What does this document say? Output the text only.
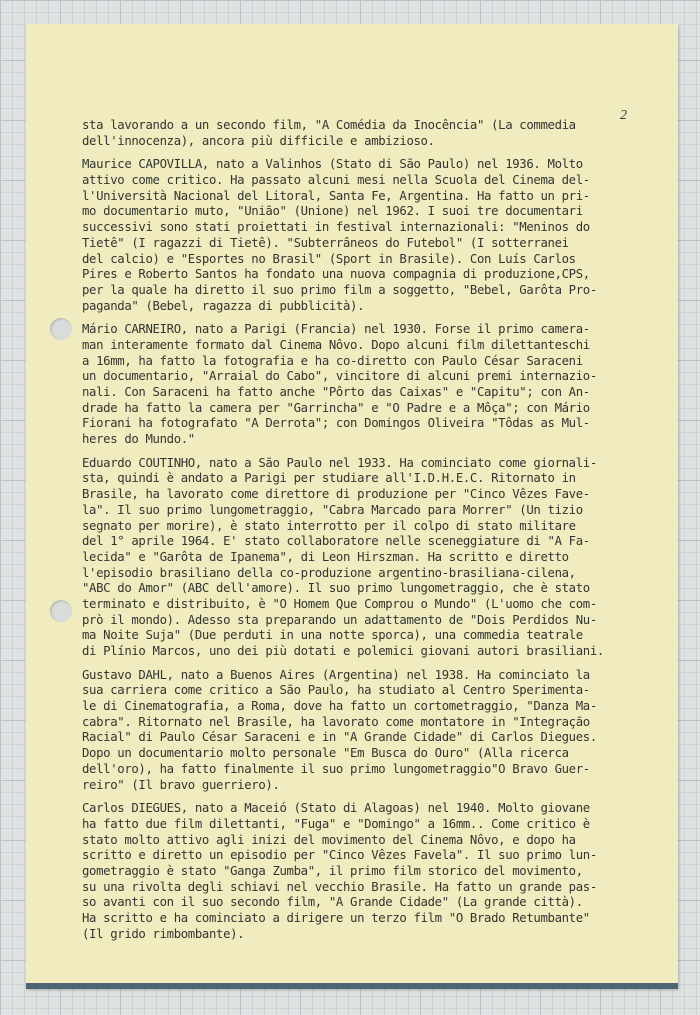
2
sta lavorando a un secondo film, "A Comédia da Inocência" (La commedia
dell'innocenza), ancora più difficile e ambizioso.
Maurice CAPOVILLA, nato a Valinhos (Stato di São Paulo) nel 1936. Molto
attivo come critico. Ha passato alcuni mesi nella Scuola del Cinema del-
l'Università Nacional del Litoral, Santa Fe, Argentina. Ha fatto un pri-
mo documentario muto, "União" (Unione) nel 1962. I suoi tre documentari
successivi sono stati proiettati in festival internazionali: "Meninos do
Tietê" (I ragazzi di Tietê). "Subterrâneos do Futebol" (I sotterranei
del calcio) e "Esportes no Brasil" (Sport in Brasile). Con Luís Carlos
Pires e Roberto Santos ha fondato una nuova compagnia di produzione,CPS,
per la quale ha diretto il suo primo film a soggetto, "Bebel, Garôta Pro-
paganda" (Bebel, ragazza di pubblicità).
Mário CARNEIRO, nato a Parigi (Francia) nel 1930. Forse il primo camera-
man interamente formato dal Cinema Nôvo. Dopo alcuni film dilettanteschi
a 16mm, ha fatto la fotografia e ha co-diretto con Paulo César Saraceni
un documentario, "Arraial do Cabo", vincitore di alcuni premi internazio-
nali. Con Saraceni ha fatto anche "Pôrto das Caixas" e "Capitu"; con An-
drade ha fatto la camera per "Garrincha" e "O Padre e a Môça"; con Mário
Fiorani ha fotografato "A Derrota"; con Domingos Oliveira "Tôdas as Mul-
heres do Mundo."
Eduardo COUTINHO, nato a São Paulo nel 1933. Ha cominciato come giornali-
sta, quindi è andato a Parigi per studiare all'I.D.H.E.C. Ritornato in
Brasile, ha lavorato come direttore di produzione per "Cinco Vêzes Fave-
la". Il suo primo lungometraggio, "Cabra Marcado para Morrer" (Un tizio
segnato per morire), è stato interrotto per il colpo di stato militare
del 1° aprile 1964. E' stato collaboratore nelle sceneggiature di "A Fa-
lecida" e "Garôta de Ipanema", di Leon Hirszman. Ha scritto e diretto
l'episodio brasiliano della co-produzione argentino-brasiliana-cilena,
"ABC do Amor" (ABC dell'amore). Il suo primo lungometraggio, che è stato
terminato e distribuito, è "O Homem Que Comprou o Mundo" (L'uomo che com-
prò il mondo). Adesso sta preparando un adattamento de "Dois Perdidos Nu-
ma Noite Suja" (Due perduti in una notte sporca), una commedia teatrale
di Plínio Marcos, uno dei più dotati e polemici giovani autori brasiliani.
Gustavo DAHL, nato a Buenos Aires (Argentina) nel 1938. Ha cominciato la
sua carriera come critico a São Paulo, ha studiato al Centro Sperimenta-
le di Cinematografia, a Roma, dove ha fatto un cortometraggio, "Danza Ma-
cabra". Ritornato nel Brasile, ha lavorato come montatore in "Integração
Racial" di Paulo César Saraceni e in "A Grande Cidade" di Carlos Diegues.
Dopo un documentario molto personale "Em Busca do Ouro" (Alla ricerca
dell'oro), ha fatto finalmente il suo primo lungometraggio"O Bravo Guer-
reiro" (Il bravo guerriero).
Carlos DIEGUES, nato a Maceió (Stato di Alagoas) nel 1940. Molto giovane
ha fatto due film dilettanti, "Fuga" e "Domingo" a 16mm.. Come critico è
stato molto attivo agli inizi del movimento del Cinema Nôvo, e dopo ha
scritto e diretto un episodio per "Cinco Vêzes Favela". Il suo primo lun-
gometraggio è stato "Ganga Zumba", il primo film storico del movimento,
su una rivolta degli schiavi nel vecchio Brasile. Ha fatto un grande pas-
so avanti con il suo secondo film, "A Grande Cidade" (La grande città).
Ha scritto e ha cominciato a dirigere un terzo film "O Brado Retumbante"
(Il grido rimbombante).
